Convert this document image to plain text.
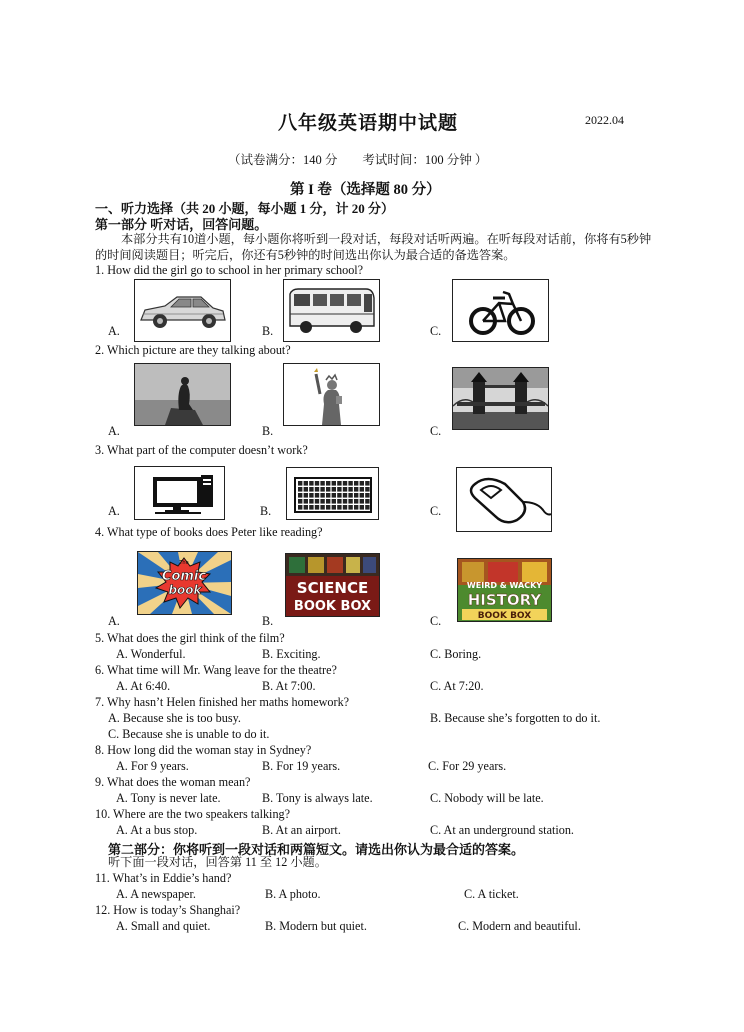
八年级英语期中试题	2022.04
（试卷满分：140 分　　考试时间：100 分钟 ）
第 I 卷（选择题 80 分）
一、听力选择（共 20 小题，每小题 1 分，计 20 分）
第一部分 听对话，回答问题。
本部分共有10道小题，每小题你将听到一段对话，每段对话听两遍。在听每段对话前，你将有5秒钟的时间阅读题目；听完后，你还有5秒钟的时间选出你认为最合适的备选答案。
1. How did the girl go to school in her primary school?
A.	B.	C.
2. Which picture are they talking about?
A.	B.	C.
3. What part of the computer doesn’t work?
A.	B.	C.
4. What type of books does Peter like reading?
A.	B.	C.
The
Comic
book	SCIENCE
BOOK BOX
WEIRD & WACKY
HISTORY
BOOK BOX
5. What does the girl think of the film?
A. Wonderful.	B. Exciting.	C. Boring.
6. What time will Mr. Wang leave for the theatre?
A. At 6:40.	B. At 7:00.	C. At 7:20.
7. Why hasn’t Helen finished her maths homework?
A. Because she is too busy.	B. Because she’s forgotten to do it.
C. Because she is unable to do it.
8. How long did the woman stay in Sydney?
A. For 9 years.	B. For 19 years.	C. For 29 years.
9. What does the woman mean?
A. Tony is never late.	B. Tony is always late.	C. Nobody will be late.
10. Where are the two speakers talking?
A. At a bus stop.	B. At an airport.	C. At an underground station.
第二部分：你将听到一段对话和两篇短文。请选出你认为最合适的答案。
听下面一段对话，回答第 11 至 12 小题。
11. What’s in Eddie’s hand?
A. A newspaper.	B. A photo.	C. A ticket.
12. How is today’s Shanghai?
A. Small and quiet.	B. Modern but quiet.	C. Modern and beautiful.
